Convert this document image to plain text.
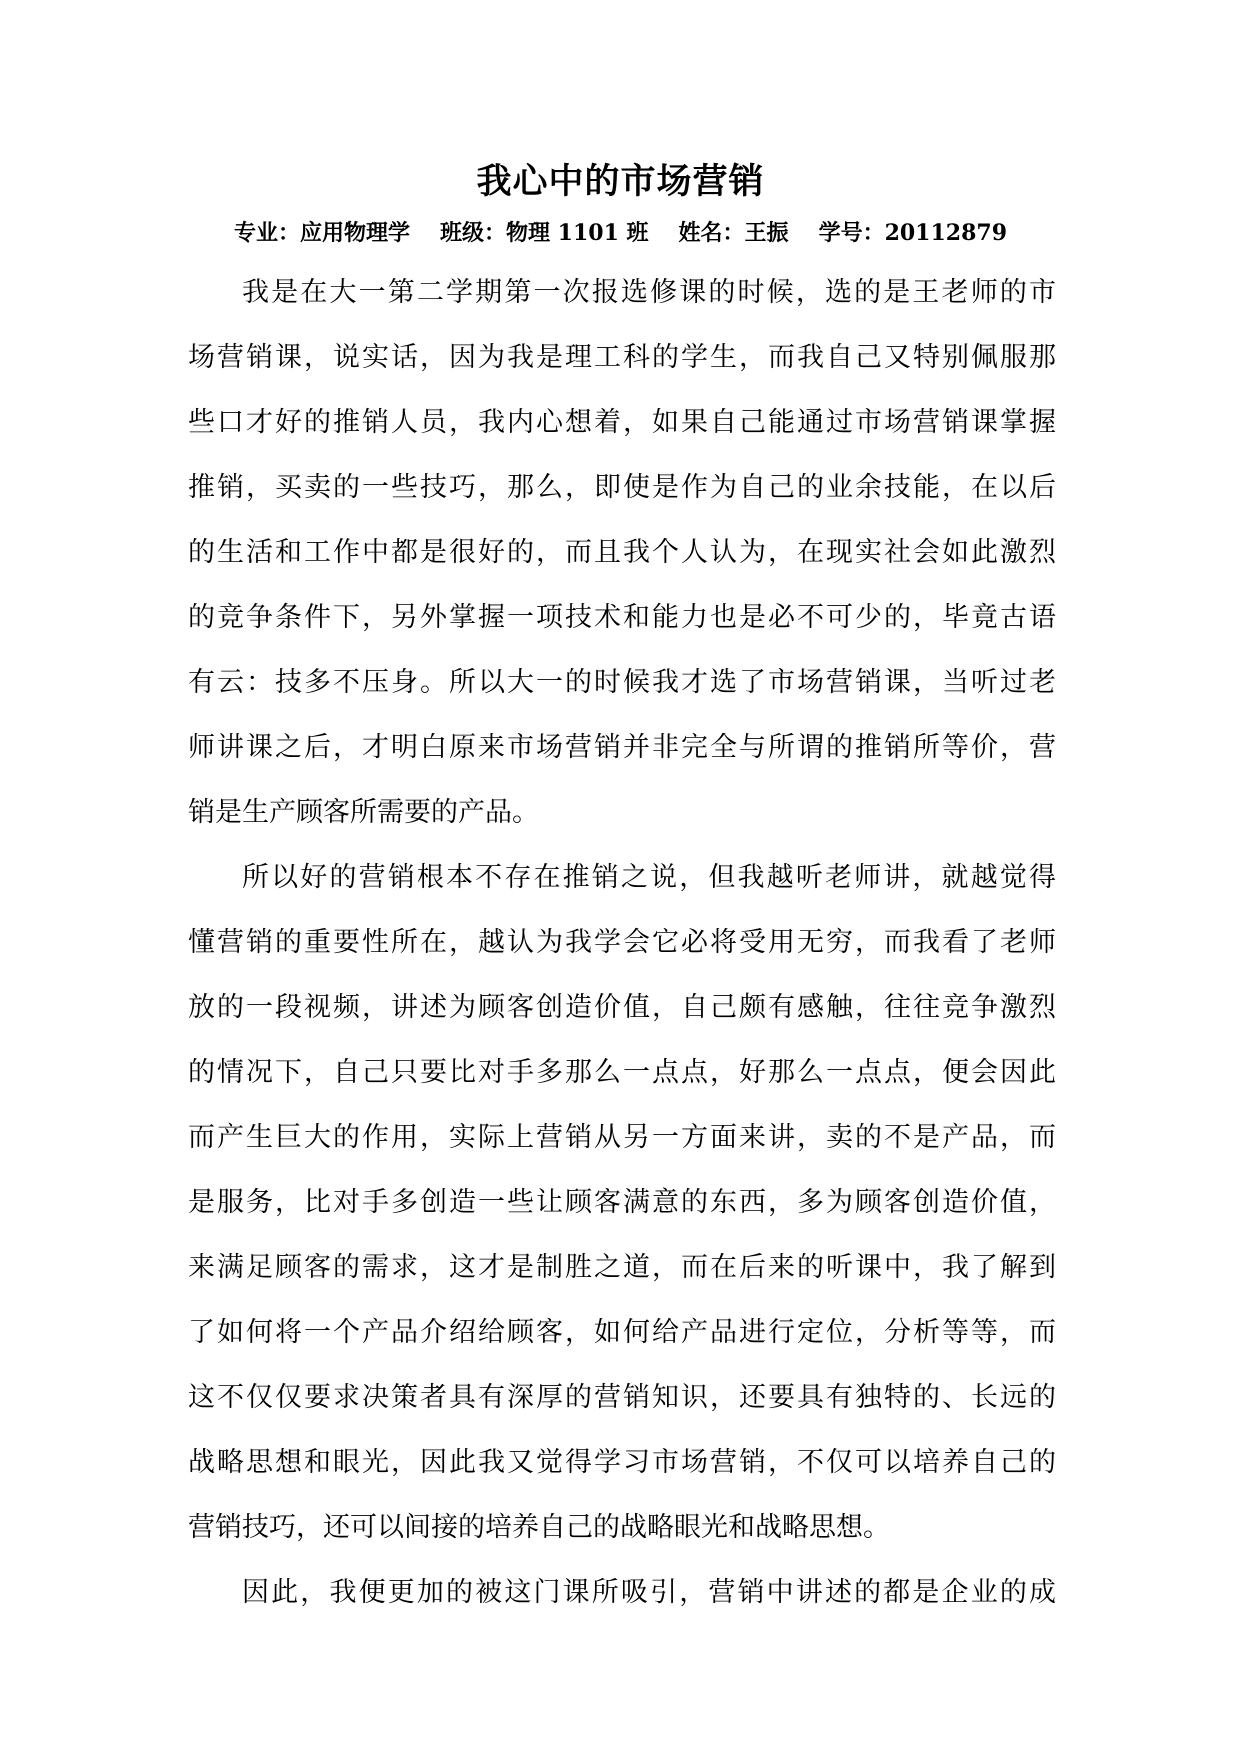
我心中的市场营销
专业：应用物理学 班级：物理 1101 班 姓名：王振 学号：20112879
我是在大一第二学期第一次报选修课的时候，选的是王老师的市
场营销课，说实话，因为我是理工科的学生，而我自己又特别佩服那
些口才好的推销人员，我内心想着，如果自己能通过市场营销课掌握
推销，买卖的一些技巧，那么，即使是作为自己的业余技能，在以后
的生活和工作中都是很好的，而且我个人认为，在现实社会如此激烈
的竞争条件下，另外掌握一项技术和能力也是必不可少的，毕竟古语
有云：技多不压身。所以大一的时候我才选了市场营销课，当听过老
师讲课之后，才明白原来市场营销并非完全与所谓的推销所等价，营
销是生产顾客所需要的产品。
所以好的营销根本不存在推销之说，但我越听老师讲，就越觉得
懂营销的重要性所在，越认为我学会它必将受用无穷，而我看了老师
放的一段视频，讲述为顾客创造价值，自己颇有感触，往往竞争激烈
的情况下，自己只要比对手多那么一点点，好那么一点点，便会因此
而产生巨大的作用，实际上营销从另一方面来讲，卖的不是产品，而
是服务，比对手多创造一些让顾客满意的东西，多为顾客创造价值，
来满足顾客的需求，这才是制胜之道，而在后来的听课中，我了解到
了如何将一个产品介绍给顾客，如何给产品进行定位，分析等等，而
这不仅仅要求决策者具有深厚的营销知识，还要具有独特的、长远的
战略思想和眼光，因此我又觉得学习市场营销，不仅可以培养自己的
营销技巧，还可以间接的培养自己的战略眼光和战略思想。
因此，我便更加的被这门课所吸引，营销中讲述的都是企业的成
